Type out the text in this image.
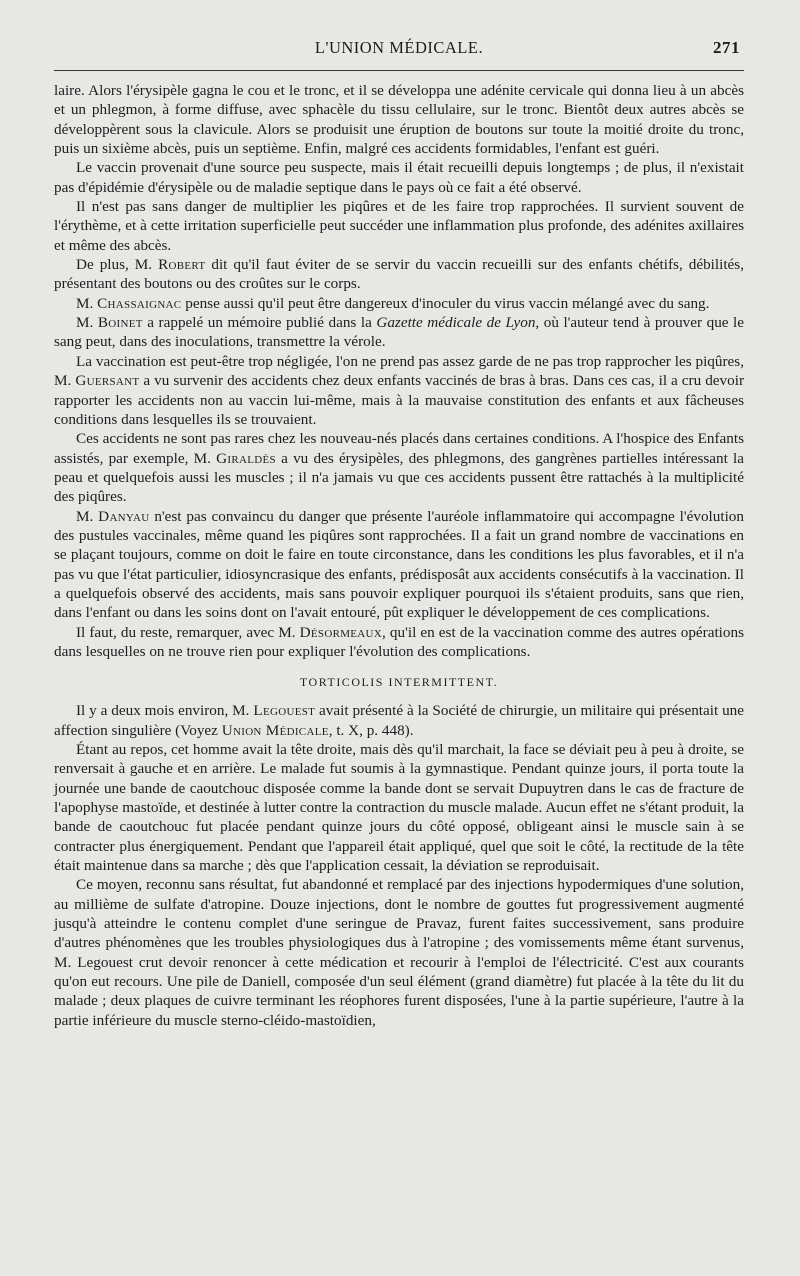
L'UNION MÉDICALE.	271

laire. Alors l'érysipèle gagna le cou et le tronc, et il se développa une adénite cervicale qui donna lieu à un abcès et un phlegmon, à forme diffuse, avec sphacèle du tissu cellulaire, sur le tronc. Bientôt deux autres abcès se développèrent sous la clavicule. Alors se produisit une éruption de boutons sur toute la moitié droite du tronc, puis un sixième abcès, puis un septième. Enfin, malgré ces accidents formidables, l'enfant est guéri.

Le vaccin provenait d'une source peu suspecte, mais il était recueilli depuis longtemps ; de plus, il n'existait pas d'épidémie d'érysipèle ou de maladie septique dans le pays où ce fait a été observé.

Il n'est pas sans danger de multiplier les piqûres et de les faire trop rapprochées. Il survient souvent de l'érythème, et à cette irritation superficielle peut succéder une inflammation plus profonde, des adénites axillaires et même des abcès.

De plus, M. Robert dit qu'il faut éviter de se servir du vaccin recueilli sur des enfants chétifs, débilités, présentant des boutons ou des croûtes sur le corps.

M. Chassaignac pense aussi qu'il peut être dangereux d'inoculer du virus vaccin mélangé avec du sang.

M. Boinet a rappelé un mémoire publié dans la Gazette médicale de Lyon, où l'auteur tend à prouver que le sang peut, dans des inoculations, transmettre la vérole.

La vaccination est peut-être trop négligée, l'on ne prend pas assez garde de ne pas trop rapprocher les piqûres, M. Guersant a vu survenir des accidents chez deux enfants vaccinés de bras à bras. Dans ces cas, il a cru devoir rapporter les accidents non au vaccin lui-même, mais à la mauvaise constitution des enfants et aux fâcheuses conditions dans lesquelles ils se trouvaient.

Ces accidents ne sont pas rares chez les nouveau-nés placés dans certaines conditions. A l'hospice des Enfants assistés, par exemple, M. Giraldès a vu des érysipèles, des phlegmons, des gangrènes partielles intéressant la peau et quelquefois aussi les muscles ; il n'a jamais vu que ces accidents pussent être rattachés à la multiplicité des piqûres.

M. Danyau n'est pas convaincu du danger que présente l'auréole inflammatoire qui accompagne l'évolution des pustules vaccinales, même quand les piqûres sont rapprochées. Il a fait un grand nombre de vaccinations en se plaçant toujours, comme on doit le faire en toute circonstance, dans les conditions les plus favorables, et il n'a pas vu que l'état particulier, idiosyncrasique des enfants, prédisposât aux accidents consécutifs à la vaccination. Il a quelquefois observé des accidents, mais sans pouvoir expliquer pourquoi ils s'étaient produits, sans que rien, dans l'enfant ou dans les soins dont on l'avait entouré, pût expliquer le développement de ces complications.

Il faut, du reste, remarquer, avec M. Désormeaux, qu'il en est de la vaccination comme des autres opérations dans lesquelles on ne trouve rien pour expliquer l'évolution des complications.

TORTICOLIS INTERMITTENT.

Il y a deux mois environ, M. Legouest avait présenté à la Société de chirurgie, un militaire qui présentait une affection singulière (Voyez Union Médicale, t. X, p. 448).

Étant au repos, cet homme avait la tête droite, mais dès qu'il marchait, la face se déviait peu à peu à droite, se renversait à gauche et en arrière. Le malade fut soumis à la gymnastique. Pendant quinze jours, il porta toute la journée une bande de caoutchouc disposée comme la bande dont se servait Dupuytren dans le cas de fracture de l'apophyse mastoïde, et destinée à lutter contre la contraction du muscle malade. Aucun effet ne s'étant produit, la bande de caoutchouc fut placée pendant quinze jours du côté opposé, obligeant ainsi le muscle sain à se contracter plus énergiquement. Pendant que l'appareil était appliqué, quel que soit le côté, la rectitude de la tête était maintenue dans sa marche ; dès que l'application cessait, la déviation se reproduisait.

Ce moyen, reconnu sans résultat, fut abandonné et remplacé par des injections hypodermiques d'une solution, au millième de sulfate d'atropine. Douze injections, dont le nombre de gouttes fut progressivement augmenté jusqu'à atteindre le contenu complet d'une seringue de Pravaz, furent faites successivement, sans produire d'autres phénomènes que les troubles physiologiques dus à l'atropine ; des vomissements même étant survenus, M. Legouest crut devoir renoncer à cette médication et recourir à l'emploi de l'électricité. C'est aux courants qu'on eut recours. Une pile de Daniell, composée d'un seul élément (grand diamètre) fut placée à la tête du lit du malade ; deux plaques de cuivre terminant les réophores furent disposées, l'une à la partie supérieure, l'autre à la partie inférieure du muscle sterno-cléido-mastoïdien,
